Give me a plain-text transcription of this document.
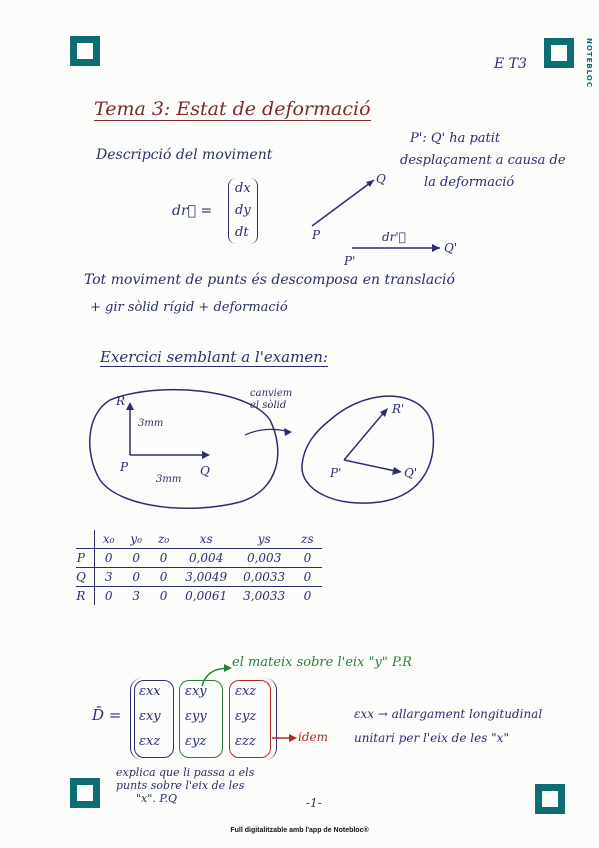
NOTEBLOC
E T3
Tema 3: Estat de deformació
Descripció del moviment
dr⃗ =
dx
dy
dt
P': Q' ha patit
desplaçament a causa de
la deformació
P
Q
P'
Q'
dr'⃗
Tot moviment de punts és descomposa en translació
+ gir sòlid rígid + deformació
Exercici semblant a l'examen:
R
3mm
P
3mm
Q
canviem
el sòlid	R'
P'	Q'
	x₀	y₀	z₀	xs	ys	zs
P	0	0	0	0,004	0,003	0
Q	3	0	0	3,0049	0,0033	0
R	0	3	0	0,0061	3,0033	0
el mateix sobre l'eix "y" P.R
D̄ =
εxx εxy εxz
εxy εyy εyz
εxz εyz εzz	idem
εxx → allargament longitudinal
unitari per l'eix de les "x"
explica que li passa a els
punts sobre l'eix de les
"x". P.Q	-1-
Full digitalitzable amb l'app de Notebloc®
